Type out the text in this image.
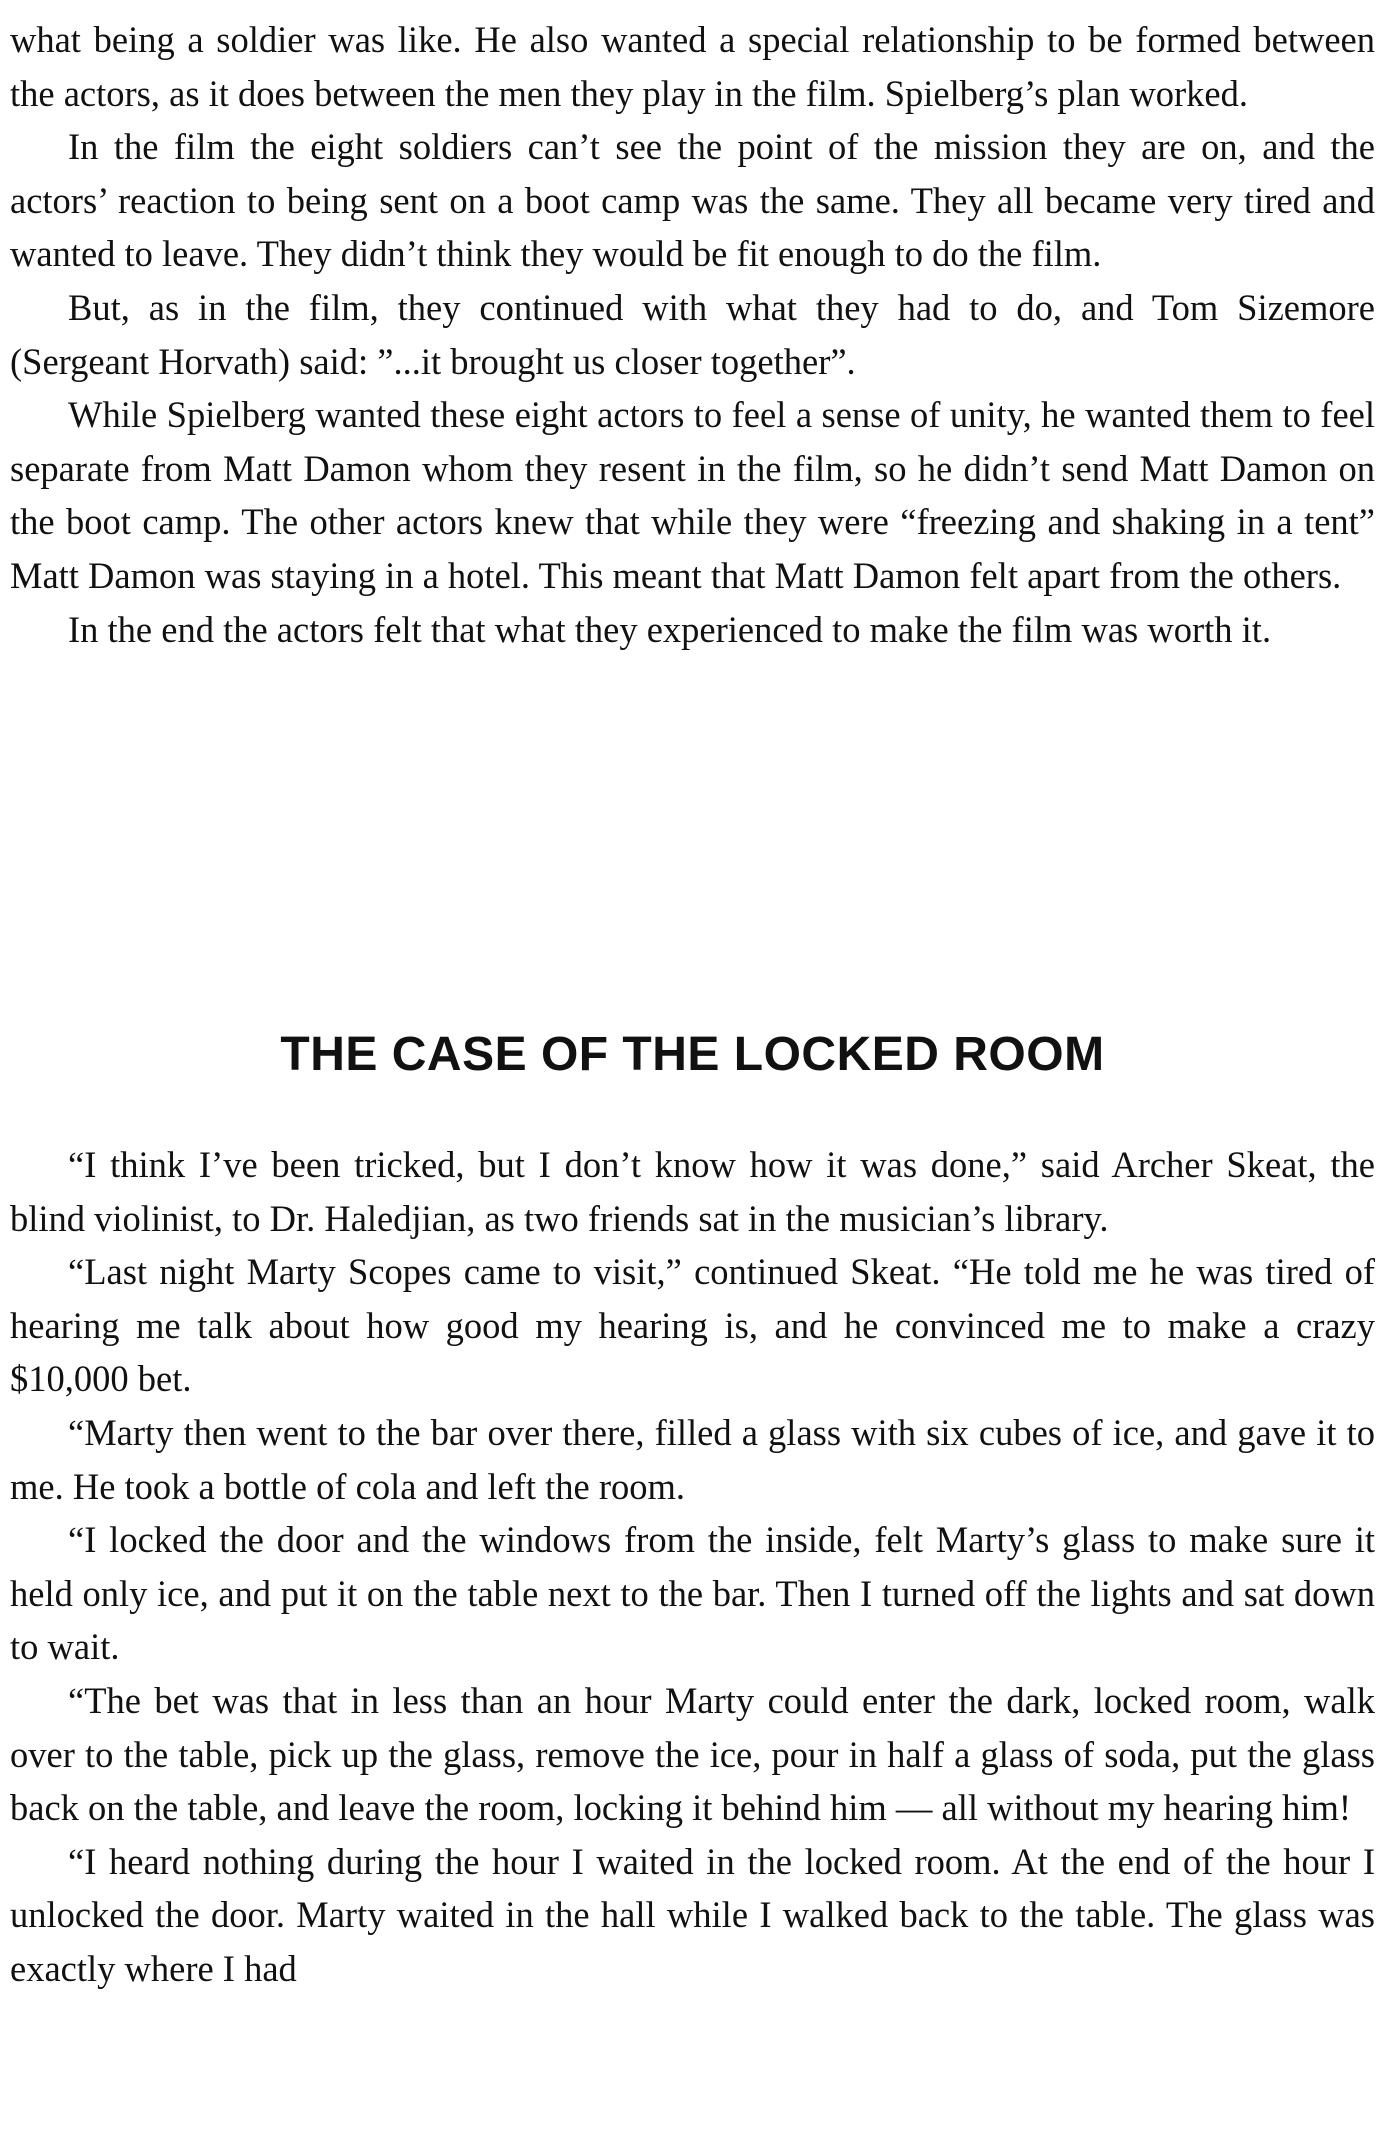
what being a soldier was like. He also wanted a special relationship to be formed between the actors, as it does between the men they play in the film. Spielberg’s plan worked.

In the film the eight soldiers can’t see the point of the mission they are on, and the actors’ reaction to being sent on a boot camp was the same. They all became very tired and wanted to leave. They didn’t think they would be fit enough to do the film.

But, as in the film, they continued with what they had to do, and Tom Sizemore (Sergeant Horvath) said: ”...it brought us closer together”.

While Spielberg wanted these eight actors to feel a sense of unity, he wanted them to feel separate from Matt Damon whom they resent in the film, so he didn’t send Matt Damon on the boot camp. The other actors knew that while they were “freezing and shaking in a tent” Matt Damon was staying in a hotel. This meant that Matt Damon felt apart from the others.

In the end the actors felt that what they experienced to make the film was worth it.

THE CASE OF THE LOCKED ROOM

“I think I’ve been tricked, but I don’t know how it was done,” said Archer Skeat, the blind violinist, to Dr. Haledjian, as two friends sat in the musician’s library.

“Last night Marty Scopes came to visit,” continued Skeat. “He told me he was tired of hearing me talk about how good my hearing is, and he convinced me to make a crazy $10,000 bet.

“Marty then went to the bar over there, filled a glass with six cubes of ice, and gave it to me. He took a bottle of cola and left the room.

“I locked the door and the windows from the inside, felt Marty’s glass to make sure it held only ice, and put it on the table next to the bar. Then I turned off the lights and sat down to wait.

“The bet was that in less than an hour Marty could enter the dark, locked room, walk over to the table, pick up the glass, remove the ice, pour in half a glass of soda, put the glass back on the table, and leave the room, locking it behind him — all without my hearing him!

“I heard nothing during the hour I waited in the locked room. At the end of the hour I unlocked the door. Marty waited in the hall while I walked back to the table. The glass was exactly where I had
